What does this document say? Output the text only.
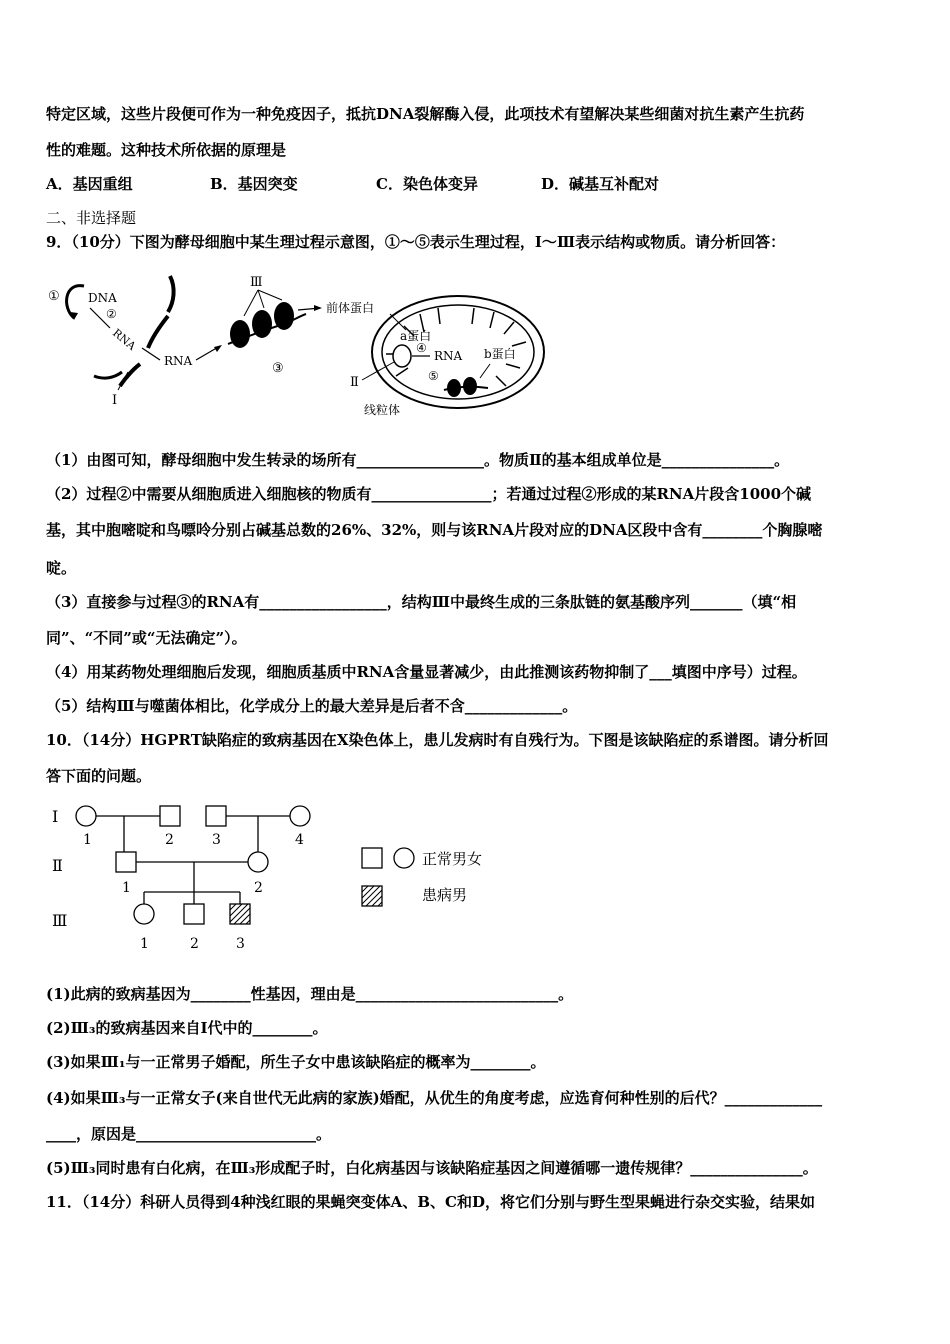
特定区域，这些片段便可作为一种免疫因子，抵抗DNA裂解酶入侵，此项技术有望解决某些细菌对抗生素产生抗药
性的难题。这种技术所依据的原理是
A．基因重组	B．基因突变	C．染色体变异	D．碱基互补配对
二、非选择题
9．（10分）下图为酵母细胞中某生理过程示意图，①～⑤表示生理过程，Ⅰ～Ⅲ表示结构或物质。请分析回答：
① DNA
②
RNA
RNA
Ⅰ
Ⅲ
③
前体蛋白
a蛋白
④
RNA
⑤
b蛋白
Ⅱ
线粒体
（1）由图可知，酵母细胞中发生转录的场所有_________________。物质Ⅱ的基本组成单位是_______________。
（2）过程②中需要从细胞质进入细胞核的物质有________________；若通过过程②形成的某RNA片段含1000个碱
基，其中胞嘧啶和鸟嘌呤分别占碱基总数的26%、32%，则与该RNA片段对应的DNA区段中含有________个胸腺嘧
啶。
（3）直接参与过程③的RNA有_________________，结构Ⅲ中最终生成的三条肽链的氨基酸序列_______（填“相
同”、“不同”或“无法确定”）。
（4）用某药物处理细胞后发现，细胞质基质中RNA含量显著减少，由此推测该药物抑制了___填图中序号）过程。
（5）结构Ⅲ与噬菌体相比，化学成分上的最大差异是后者不含_____________。
10．（14分）HGPRT缺陷症的致病基因在X染色体上，患儿发病时有自残行为。下图是该缺陷症的系谱图。请分析回
答下面的问题。
Ⅰ
Ⅱ
Ⅲ
1	2	3	4
1	2
1	2	3
正常男女
患病男
(1)此病的致病基因为________性基因，理由是___________________________。
(2)Ⅲ₃的致病基因来自Ⅰ代中的________。
(3)如果Ⅲ₁与一正常男子婚配，所生子女中患该缺陷症的概率为________。
(4)如果Ⅲ₃与一正常女子(来自世代无此病的家族)婚配，从优生的角度考虑，应选育何种性别的后代？_____________
____，原因是________________________。
(5)Ⅲ₃同时患有白化病，在Ⅲ₃形成配子时，白化病基因与该缺陷症基因之间遵循哪一遗传规律？_______________。
11．（14分）科研人员得到4种浅红眼的果蝇突变体A、B、C和D，将它们分别与野生型果蝇进行杂交实验，结果如
